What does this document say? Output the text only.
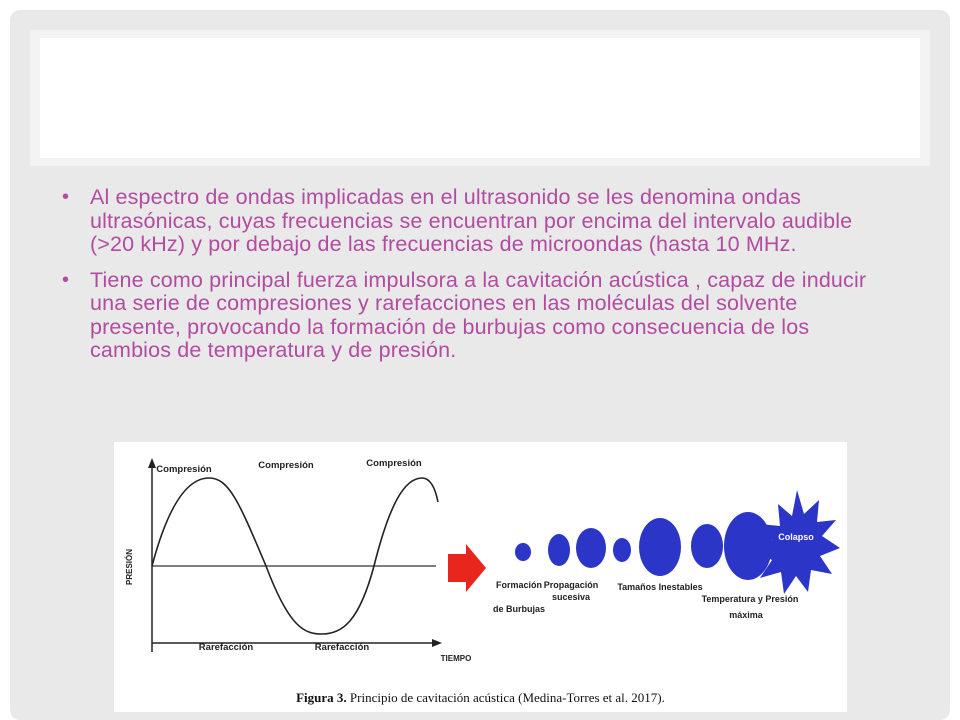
• Al espectro de ondas implicadas en el ultrasonido se les denomina ondas ultrasónicas, cuyas frecuencias se encuentran por encima del intervalo audible (>20 kHz) y por debajo de las frecuencias de microondas (hasta 10 MHz.
• Tiene como principal fuerza impulsora a la cavitación acústica , capaz de inducir una serie de compresiones y rarefacciones en las moléculas del solvente presente, provocando la formación de burbujas como consecuencia de los cambios de temperatura y de presión.
PRESIÓN
TIEMPO
Compresión	Compresión	Compresión
Rarefacción	Rarefacción
Colapso
Formación
de Burbujas
Propagación
sucesiva
Tamaños Inestables
Temperatura y Presión
máxima
Figura 3. Principio de cavitación acústica (Medina-Torres et al. 2017).
